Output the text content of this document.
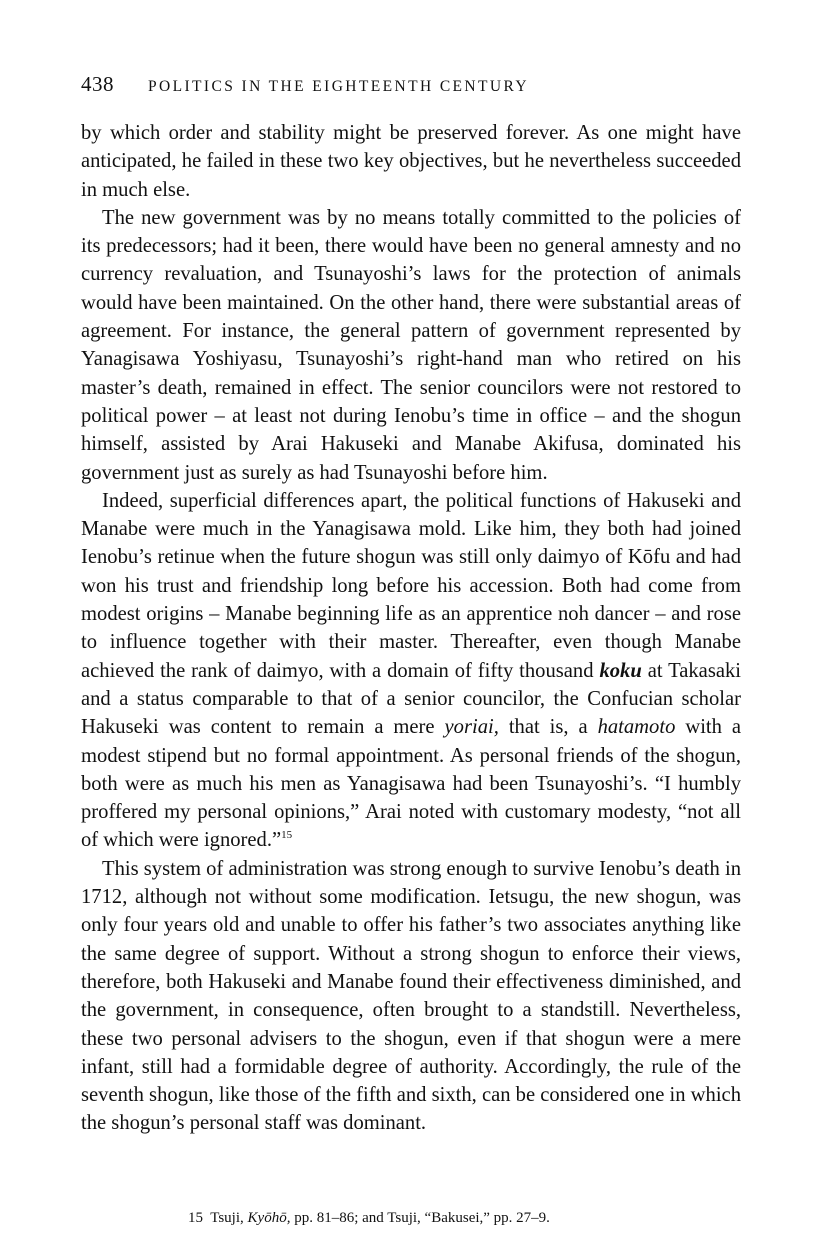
438 POLITICS IN THE EIGHTEENTH CENTURY

by which order and stability might be preserved forever. As one might have anticipated, he failed in these two key objectives, but he nevertheless succeeded in much else.

The new government was by no means totally committed to the policies of its predecessors; had it been, there would have been no general amnesty and no currency revaluation, and Tsunayoshi’s laws for the protection of animals would have been maintained. On the other hand, there were substantial areas of agreement. For instance, the general pattern of government represented by Yanagisawa Yoshiyasu, Tsunayoshi’s right-hand man who retired on his master’s death, remained in effect. The senior councilors were not restored to political power – at least not during Ienobu’s time in office – and the shogun himself, assisted by Arai Hakuseki and Manabe Akifusa, dominated his government just as surely as had Tsunayoshi before him.

Indeed, superficial differences apart, the political functions of Hakuseki and Manabe were much in the Yanagisawa mold. Like him, they both had joined Ienobu’s retinue when the future shogun was still only daimyo of Kōfu and had won his trust and friendship long before his accession. Both had come from modest origins – Manabe beginning life as an apprentice noh dancer – and rose to influence together with their master. Thereafter, even though Manabe achieved the rank of daimyo, with a domain of fifty thousand koku at Takasaki and a status comparable to that of a senior councilor, the Confucian scholar Hakuseki was content to remain a mere yoriai, that is, a hatamoto with a modest stipend but no formal appointment. As personal friends of the shogun, both were as much his men as Yanagisawa had been Tsunayoshi’s. “I humbly proffered my personal opinions,” Arai noted with customary modesty, “not all of which were ignored.”$^{15}$

This system of administration was strong enough to survive Ienobu’s death in 1712, although not without some modification. Ietsugu, the new shogun, was only four years old and unable to offer his father’s two associates anything like the same degree of support. Without a strong shogun to enforce their views, therefore, both Hakuseki and Manabe found their effectiveness diminished, and the government, in consequence, often brought to a standstill. Nevertheless, these two personal advisers to the shogun, even if that shogun were a mere infant, still had a formidable degree of authority. Accordingly, the rule of the seventh shogun, like those of the fifth and sixth, can be considered one in which the shogun’s personal staff was dominant.

15 Tsuji, Kyōhō, pp. 81–86; and Tsuji, “Bakusei,” pp. 27–9.
